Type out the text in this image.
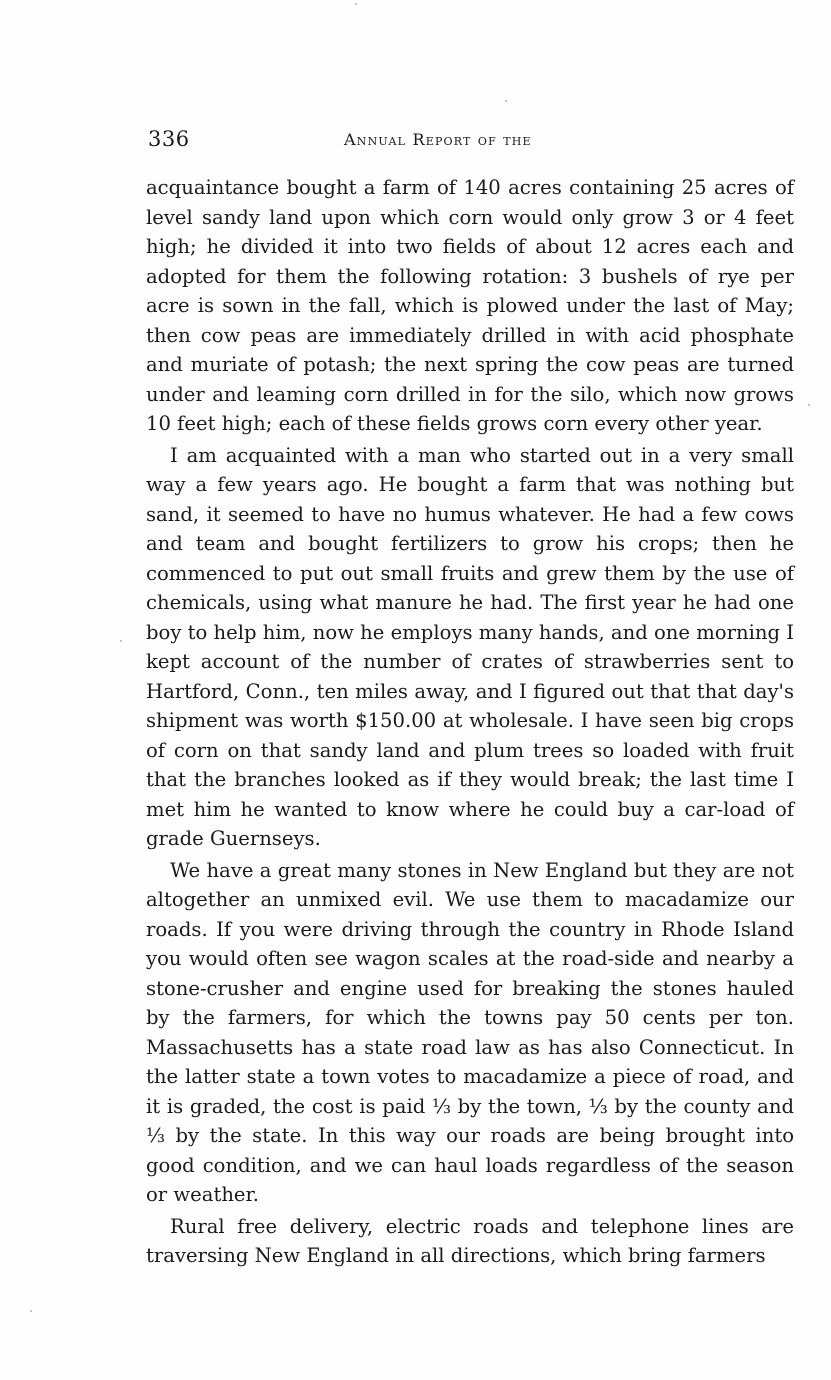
336	Annual Report of the

acquaintance bought a farm of 140 acres containing 25 acres of level sandy land upon which corn would only grow 3 or 4 feet high; he divided it into two fields of about 12 acres each and adopted for them the following rotation: 3 bushels of rye per acre is sown in the fall, which is plowed under the last of May; then cow peas are immediately drilled in with acid phosphate and muriate of potash; the next spring the cow peas are turned under and leaming corn drilled in for the silo, which now grows 10 feet high; each of these fields grows corn every other year.

I am acquainted with a man who started out in a very small way a few years ago. He bought a farm that was nothing but sand, it seemed to have no humus whatever. He had a few cows and team and bought fertilizers to grow his crops; then he commenced to put out small fruits and grew them by the use of chemicals, using what manure he had. The first year he had one boy to help him, now he employs many hands, and one morning I kept account of the number of crates of strawberries sent to Hartford, Conn., ten miles away, and I figured out that that day's shipment was worth $150.00 at wholesale. I have seen big crops of corn on that sandy land and plum trees so loaded with fruit that the branches looked as if they would break; the last time I met him he wanted to know where he could buy a car-load of grade Guernseys.

We have a great many stones in New England but they are not altogether an unmixed evil. We use them to macadamize our roads. If you were driving through the country in Rhode Island you would often see wagon scales at the road-side and nearby a stone-crusher and engine used for breaking the stones hauled by the farmers, for which the towns pay 50 cents per ton. Massachusetts has a state road law as has also Connecticut. In the latter state a town votes to macadamize a piece of road, and it is graded, the cost is paid ⅓ by the town, ⅓ by the county and ⅓ by the state. In this way our roads are being brought into good condition, and we can haul loads regardless of the season or weather.

Rural free delivery, electric roads and telephone lines are traversing New England in all directions, which bring farmers
